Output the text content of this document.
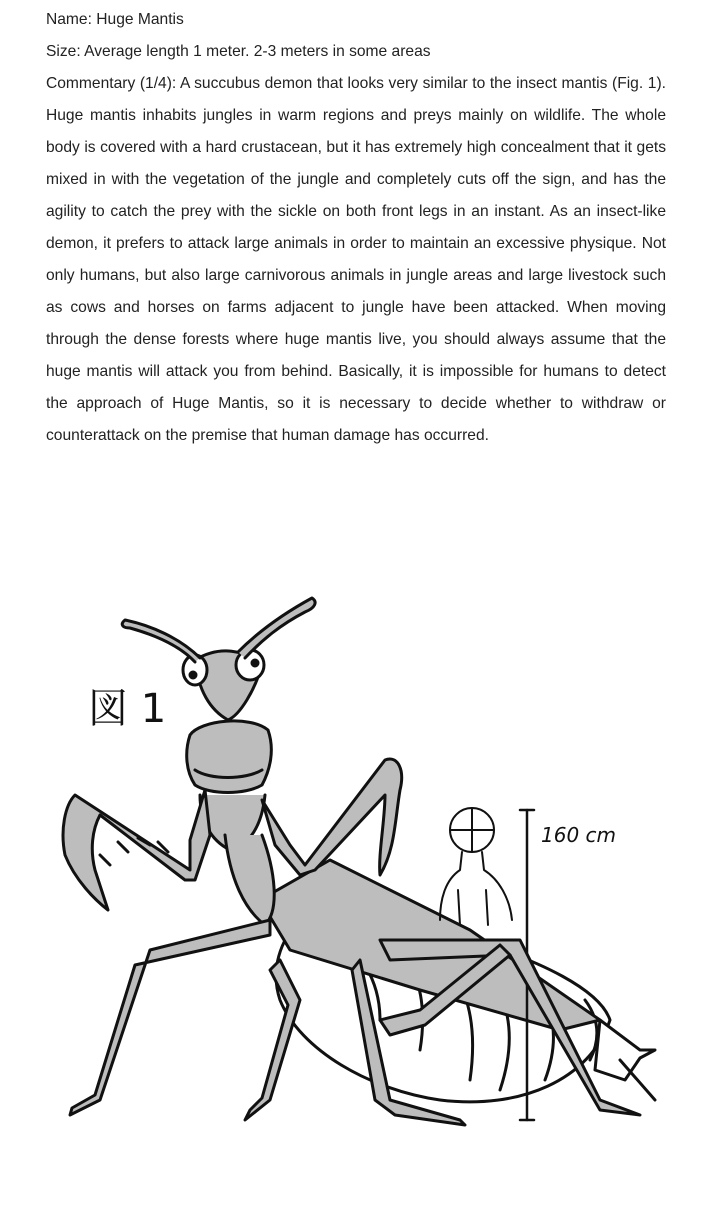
Name: Huge Mantis

Size: Average length 1 meter. 2-3 meters in some areas

Commentary (1/4): A succubus demon that looks very similar to the insect mantis (Fig. 1). Huge mantis inhabits jungles in warm regions and preys mainly on wildlife. The whole body is covered with a hard crustacean, but it has extremely high concealment that it gets mixed in with the vegetation of the jungle and completely cuts off the sign, and has the agility to catch the prey with the sickle on both front legs in an instant. As an insect-like demon, it prefers to attack large animals in order to maintain an excessive physique. Not only humans, but also large carnivorous animals in jungle areas and large livestock such as cows and horses on farms adjacent to jungle have been attacked. When moving through the dense forests where huge mantis live, you should always assume that the huge mantis will attack you from behind. Basically, it is impossible for humans to detect the approach of Huge Mantis, so it is necessary to decide whether to withdraw or counterattack on the premise that human damage has occurred.

図 1
160 cm
